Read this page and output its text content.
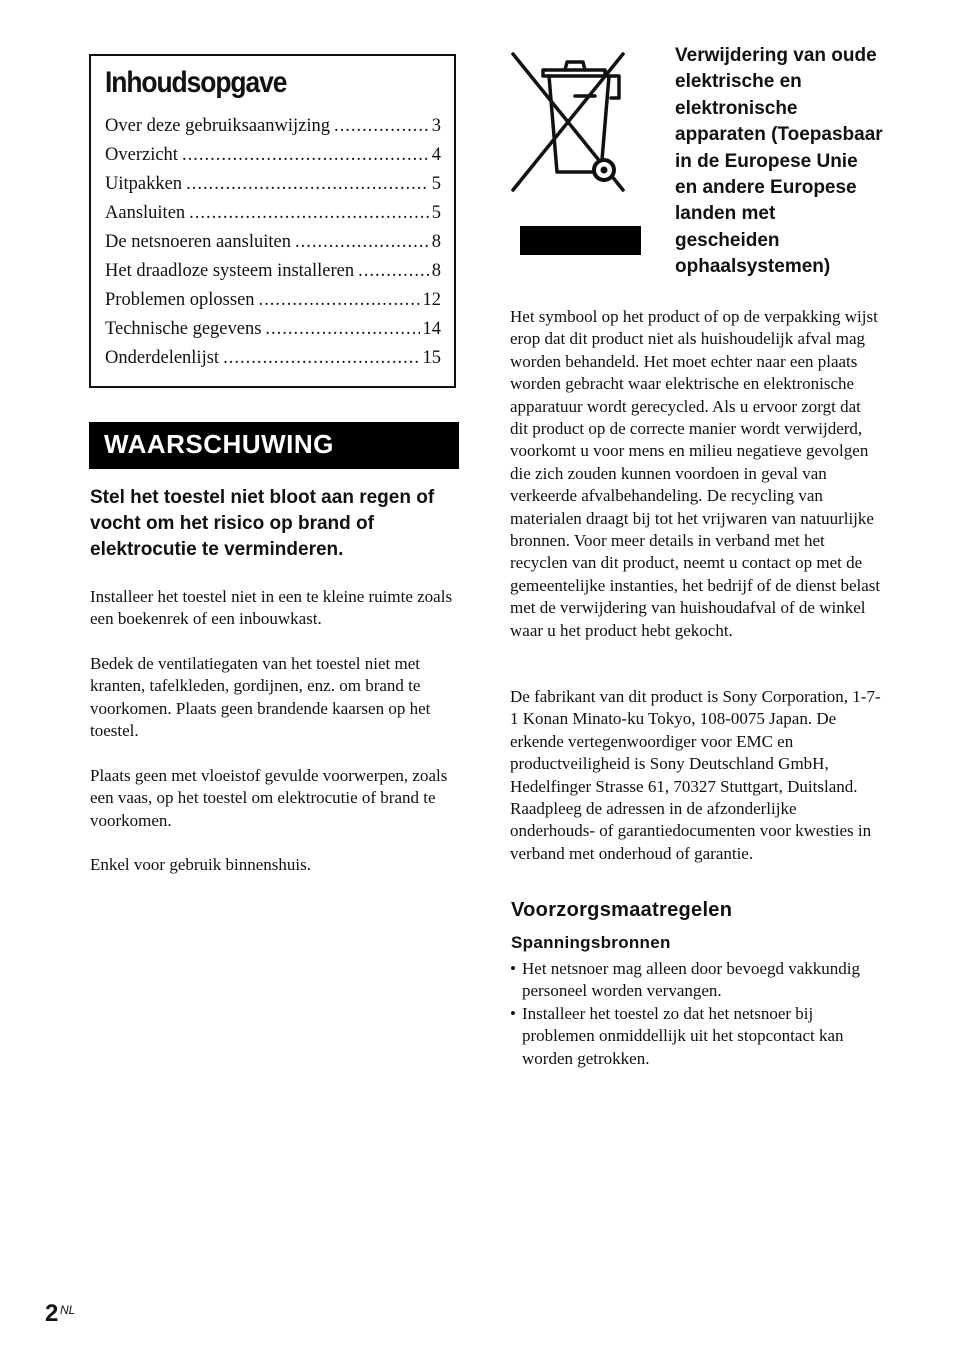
Inhoudsopgave
Over deze gebruiksaanwijzing .....	3
Overzicht .....	4
Uitpakken .....	5
Aansluiten .....	5
De netsnoeren aansluiten .....	8
Het draadloze systeem installeren .....	8
Problemen oplossen .....	12
Technische gegevens .....	14
Onderdelenlijst .....	15
WAARSCHUWING
Stel het toestel niet bloot aan regen of vocht om het risico op brand of elektrocutie te verminderen.
Installeer het toestel niet in een te kleine ruimte zoals een boekenrek of een inbouwkast.
Bedek de ventilatiegaten van het toestel niet met kranten, tafelkleden, gordijnen, enz. om brand te voorkomen. Plaats geen brandende kaarsen op het toestel.
Plaats geen met vloeistof gevulde voorwerpen, zoals een vaas, op het toestel om elektrocutie of brand te voorkomen.
Enkel voor gebruik binnenshuis.
Verwijdering van oude elektrische en elektronische apparaten (Toepasbaar in de Europese Unie en andere Europese landen met gescheiden ophaalsystemen)
Het symbool op het product of op de verpakking wijst erop dat dit product niet als huishoudelijk afval mag worden behandeld. Het moet echter naar een plaats worden gebracht waar elektrische en elektronische apparatuur wordt gerecycled. Als u ervoor zorgt dat dit product op de correcte manier wordt verwijderd, voorkomt u voor mens en milieu negatieve gevolgen die zich zouden kunnen voordoen in geval van verkeerde afvalbehandeling. De recycling van materialen draagt bij tot het vrijwaren van natuurlijke bronnen. Voor meer details in verband met het recyclen van dit product, neemt u contact op met de gemeentelijke instanties, het bedrijf of de dienst belast met de verwijdering van huishoudafval of de winkel waar u het product hebt gekocht.
De fabrikant van dit product is Sony Corporation, 1-7-1 Konan Minato-ku Tokyo, 108-0075 Japan. De erkende vertegenwoordiger voor EMC en productveiligheid is Sony Deutschland GmbH, Hedelfinger Strasse 61, 70327 Stuttgart, Duitsland. Raadpleeg de adressen in de afzonderlijke onderhouds- of garantiedocumenten voor kwesties in verband met onderhoud of garantie.
Voorzorgsmaatregelen
Spanningsbronnen
• Het netsnoer mag alleen door bevoegd vakkundig personeel worden vervangen.
• Installeer het toestel zo dat het netsnoer bij problemen onmiddellijk uit het stopcontact kan worden getrokken.
2 NL
